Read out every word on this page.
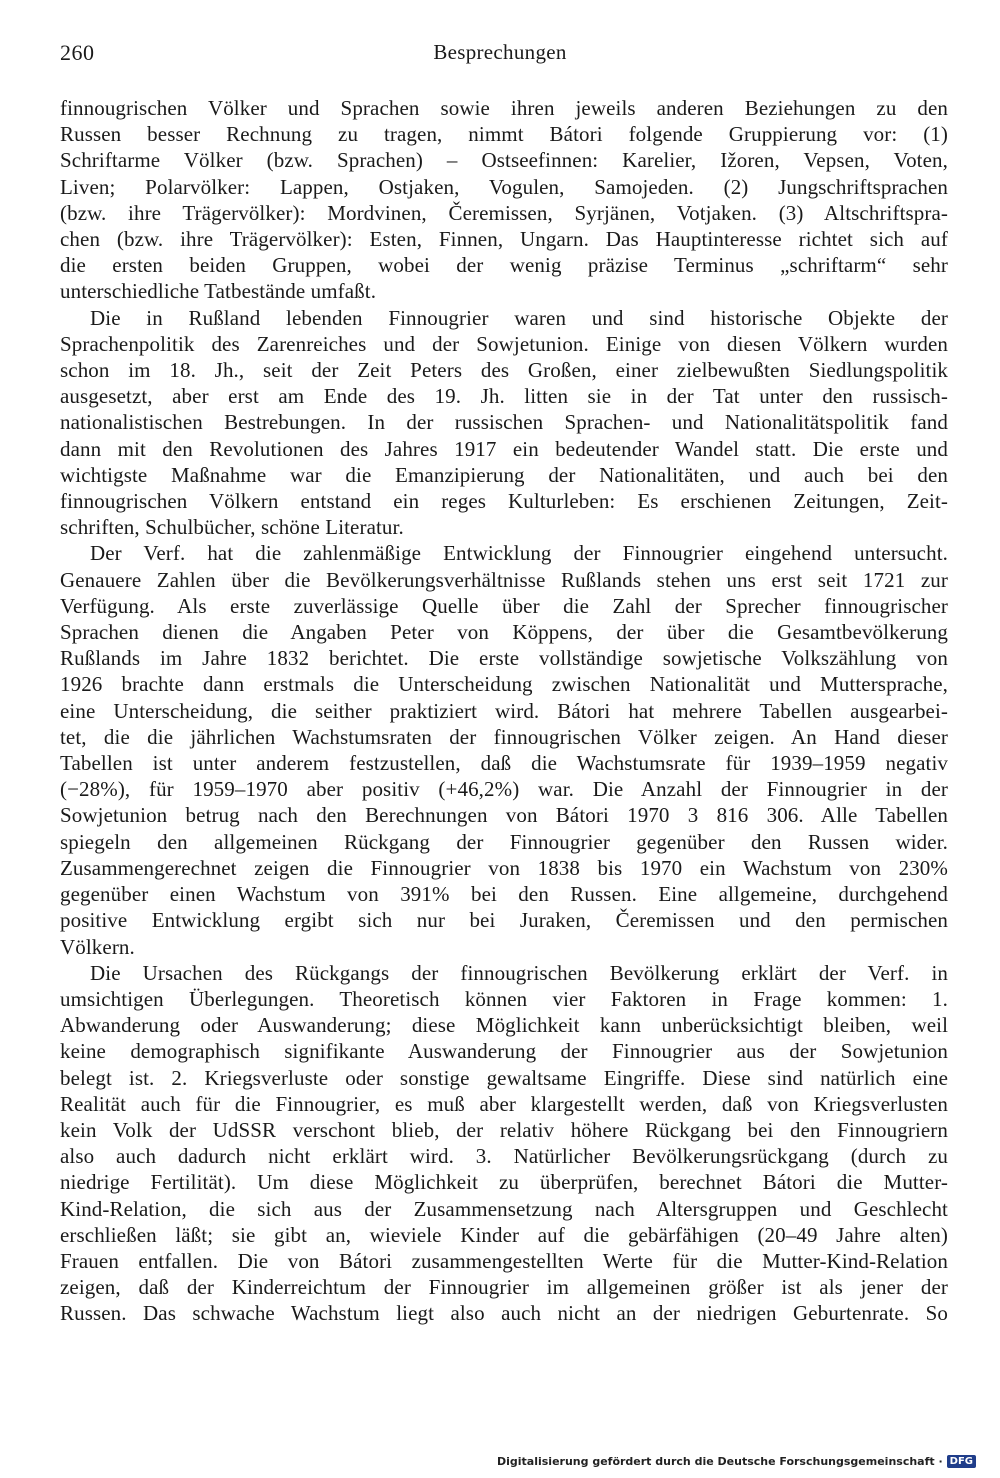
260	Besprechungen

finnougrischen Völker und Sprachen sowie ihren jeweils anderen Beziehungen zu den
Russen besser Rechnung zu tragen, nimmt Bátori folgende Gruppierung vor: (1)
Schriftarme Völker (bzw. Sprachen) – Ostseefinnen: Karelier, Ižoren, Vepsen, Voten,
Liven; Polarvölker: Lappen, Ostjaken, Vogulen, Samojeden. (2) Jungschriftsprachen
(bzw. ihre Trägervölker): Mordvinen, Čeremissen, Syrjänen, Votjaken. (3) Altschriftspra-
chen (bzw. ihre Trägervölker): Esten, Finnen, Ungarn. Das Hauptinteresse richtet sich auf
die ersten beiden Gruppen, wobei der wenig präzise Terminus „schriftarm“ sehr
unterschiedliche Tatbestände umfaßt.

Die in Rußland lebenden Finnougrier waren und sind historische Objekte der
Sprachenpolitik des Zarenreiches und der Sowjetunion. Einige von diesen Völkern wurden
schon im 18. Jh., seit der Zeit Peters des Großen, einer zielbewußten Siedlungspolitik
ausgesetzt, aber erst am Ende des 19. Jh. litten sie in der Tat unter den russisch-
nationalistischen Bestrebungen. In der russischen Sprachen- und Nationalitätspolitik fand
dann mit den Revolutionen des Jahres 1917 ein bedeutender Wandel statt. Die erste und
wichtigste Maßnahme war die Emanzipierung der Nationalitäten, und auch bei den
finnougrischen Völkern entstand ein reges Kulturleben: Es erschienen Zeitungen, Zeit-
schriften, Schulbücher, schöne Literatur.

Der Verf. hat die zahlenmäßige Entwicklung der Finnougrier eingehend untersucht.
Genauere Zahlen über die Bevölkerungsverhältnisse Rußlands stehen uns erst seit 1721 zur
Verfügung. Als erste zuverlässige Quelle über die Zahl der Sprecher finnougrischer
Sprachen dienen die Angaben Peter von Köppens, der über die Gesamtbevölkerung
Rußlands im Jahre 1832 berichtet. Die erste vollständige sowjetische Volkszählung von
1926 brachte dann erstmals die Unterscheidung zwischen Nationalität und Muttersprache,
eine Unterscheidung, die seither praktiziert wird. Bátori hat mehrere Tabellen ausgearbei-
tet, die die jährlichen Wachstumsraten der finnougrischen Völker zeigen. An Hand dieser
Tabellen ist unter anderem festzustellen, daß die Wachstumsrate für 1939–1959 negativ
(−28%), für 1959–1970 aber positiv (+46,2%) war. Die Anzahl der Finnougrier in der
Sowjetunion betrug nach den Berechnungen von Bátori 1970 3 816 306. Alle Tabellen
spiegeln den allgemeinen Rückgang der Finnougrier gegenüber den Russen wider.
Zusammengerechnet zeigen die Finnougrier von 1838 bis 1970 ein Wachstum von 230%
gegenüber einen Wachstum von 391% bei den Russen. Eine allgemeine, durchgehend
positive Entwicklung ergibt sich nur bei Juraken, Čeremissen und den permischen
Völkern.

Die Ursachen des Rückgangs der finnougrischen Bevölkerung erklärt der Verf. in
umsichtigen Überlegungen. Theoretisch können vier Faktoren in Frage kommen: 1.
Abwanderung oder Auswanderung; diese Möglichkeit kann unberücksichtigt bleiben, weil
keine demographisch signifikante Auswanderung der Finnougrier aus der Sowjetunion
belegt ist. 2. Kriegsverluste oder sonstige gewaltsame Eingriffe. Diese sind natürlich eine
Realität auch für die Finnougrier, es muß aber klargestellt werden, daß von Kriegsverlusten
kein Volk der UdSSR verschont blieb, der relativ höhere Rückgang bei den Finnougriern
also auch dadurch nicht erklärt wird. 3. Natürlicher Bevölkerungsrückgang (durch zu
niedrige Fertilität). Um diese Möglichkeit zu überprüfen, berechnet Bátori die Mutter-
Kind-Relation, die sich aus der Zusammensetzung nach Altersgruppen und Geschlecht
erschließen läßt; sie gibt an, wieviele Kinder auf die gebärfähigen (20–49 Jahre alten)
Frauen entfallen. Die von Bátori zusammengestellten Werte für die Mutter-Kind-Relation
zeigen, daß der Kinderreichtum der Finnougrier im allgemeinen größer ist als jener der
Russen. Das schwache Wachstum liegt also auch nicht an der niedrigen Geburtenrate. So

Digitalisierung gefördert durch die Deutsche Forschungsgemeinschaft · DFG
